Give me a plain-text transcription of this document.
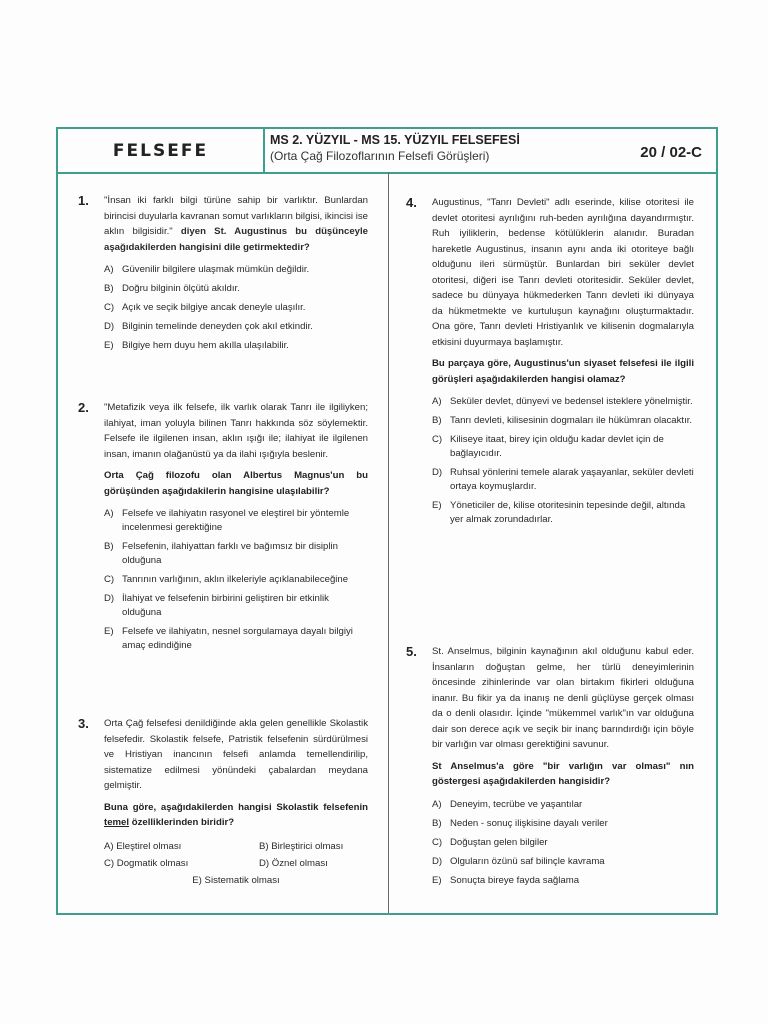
FELSEFE
MS 2. YÜZYIL - MS 15. YÜZYIL FELSEFESİ
(Orta Çağ Filozoflarının Felsefi Görüşleri)	20 / 02-C
1. "İnsan iki farklı bilgi türüne sahip bir varlıktır. Bunlardan birincisi duyularla kavranan somut varlıkların bilgisi, ikincisi ise aklın bilgisidir." diyen St. Augustinus bu düşünceyle aşağıdakilerden hangisini dile getirmektedir?

A) Güvenilir bilgilere ulaşmak mümkün değildir.
B) Doğru bilginin ölçütü akıldır.
C) Açık ve seçik bilgiye ancak deneyle ulaşılır.
D) Bilginin temelinde deneyden çok akıl etkindir.
E) Bilgiye hem duyu hem akılla ulaşılabilir.
2. "Metafizik veya ilk felsefe, ilk varlık olarak Tanrı ile ilgiliyken; ilahiyat, iman yoluyla bilinen Tanrı hakkında söz söylemektir. Felsefe ile ilgilenen insan, aklın ışığı ile; ilahiyat ile ilgilenen insan, imanın olağanüstü ya da ilahi ışığıyla beslenir.

Orta Çağ filozofu olan Albertus Magnus'un bu görüşünden aşağıdakilerin hangisine ulaşılabilir?

A) Felsefe ve ilahiyatın rasyonel ve eleştirel bir yöntemle incelenmesi gerektiğine
B) Felsefenin, ilahiyattan farklı ve bağımsız bir disiplin olduğuna
C) Tanrının varlığının, aklın ilkeleriyle açıklanabileceğine
D) İlahiyat ve felsefenin birbirini geliştiren bir etkinlik olduğuna
E) Felsefe ve ilahiyatın, nesnel sorgulamaya dayalı bilgiyi amaç edindiğine
3. Orta Çağ felsefesi denildiğinde akla gelen genellikle Skolastik felsefedir. Skolastik felsefe, Patristik felsefenin sürdürülmesi ve Hristiyan inancının felsefi anlamda temellendirilip, sistematize edilmesi yönündeki çabalardan meydana gelmiştir.

Buna göre, aşağıdakilerden hangisi Skolastik felsefenin temel özelliklerinden biridir?

A) Eleştirel olması	B) Birleştirici olması
C) Dogmatik olması	D) Öznel olması
E) Sistematik olması
4. Augustinus, "Tanrı Devleti" adlı eserinde, kilise otoritesi ile devlet otoritesi ayrılığını ruh-beden ayrılığına dayandırmıştır. Ruh iyiliklerin, bedense kötülüklerin alanıdır. Buradan hareketle Augustinus, insanın aynı anda iki otoriteye bağlı olduğunu ileri sürmüştür. Bunlardan biri seküler devlet otoritesi, diğeri ise Tanrı devleti otoritesidir. Seküler devlet, sadece bu dünyaya hükmederken Tanrı devleti iki dünyaya da hükmetmekte ve kurtuluşun kaynağını oluşturmaktadır. Ona göre, Tanrı devleti Hristiyanlık ve kilisenin dogmalarıyla etkisini duyurmaya başlamıştır.

Bu parçaya göre, Augustinus'un siyaset felsefesi ile ilgili görüşleri aşağıdakilerden hangisi olamaz?

A) Seküler devlet, dünyevi ve bedensel isteklere yönelmiştir.
B) Tanrı devleti, kilisesinin dogmaları ile hükümran olacaktır.
C) Kiliseye itaat, birey için olduğu kadar devlet için de bağlayıcıdır.
D) Ruhsal yönlerini temele alarak yaşayanlar, seküler devleti ortaya koymuşlardır.
E) Yöneticiler de, kilise otoritesinin tepesinde değil, altında yer almak zorundadırlar.
5. St. Anselmus, bilginin kaynağının akıl olduğunu kabul eder. İnsanların doğuştan gelme, her türlü deneyimlerinin öncesinde zihinlerinde var olan birtakım fikirleri olduğuna inanır. Bu fikir ya da inanış ne denli güçlüyse gerçek olması da o denli olasıdır. İçinde "mükemmel varlık"ın var olduğuna dair son derece açık ve seçik bir inanç barındırdığı için böyle bir varlığın var olması gerektiğini savunur.

St Anselmus'a göre "bir varlığın var olması" nın göstergesi aşağıdakilerden hangisidir?

A) Deneyim, tecrübe ve yaşantılar
B) Neden - sonuç ilişkisine dayalı veriler
C) Doğuştan gelen bilgiler
D) Olguların özünü saf bilinçle kavrama
E) Sonuçta bireye fayda sağlama
